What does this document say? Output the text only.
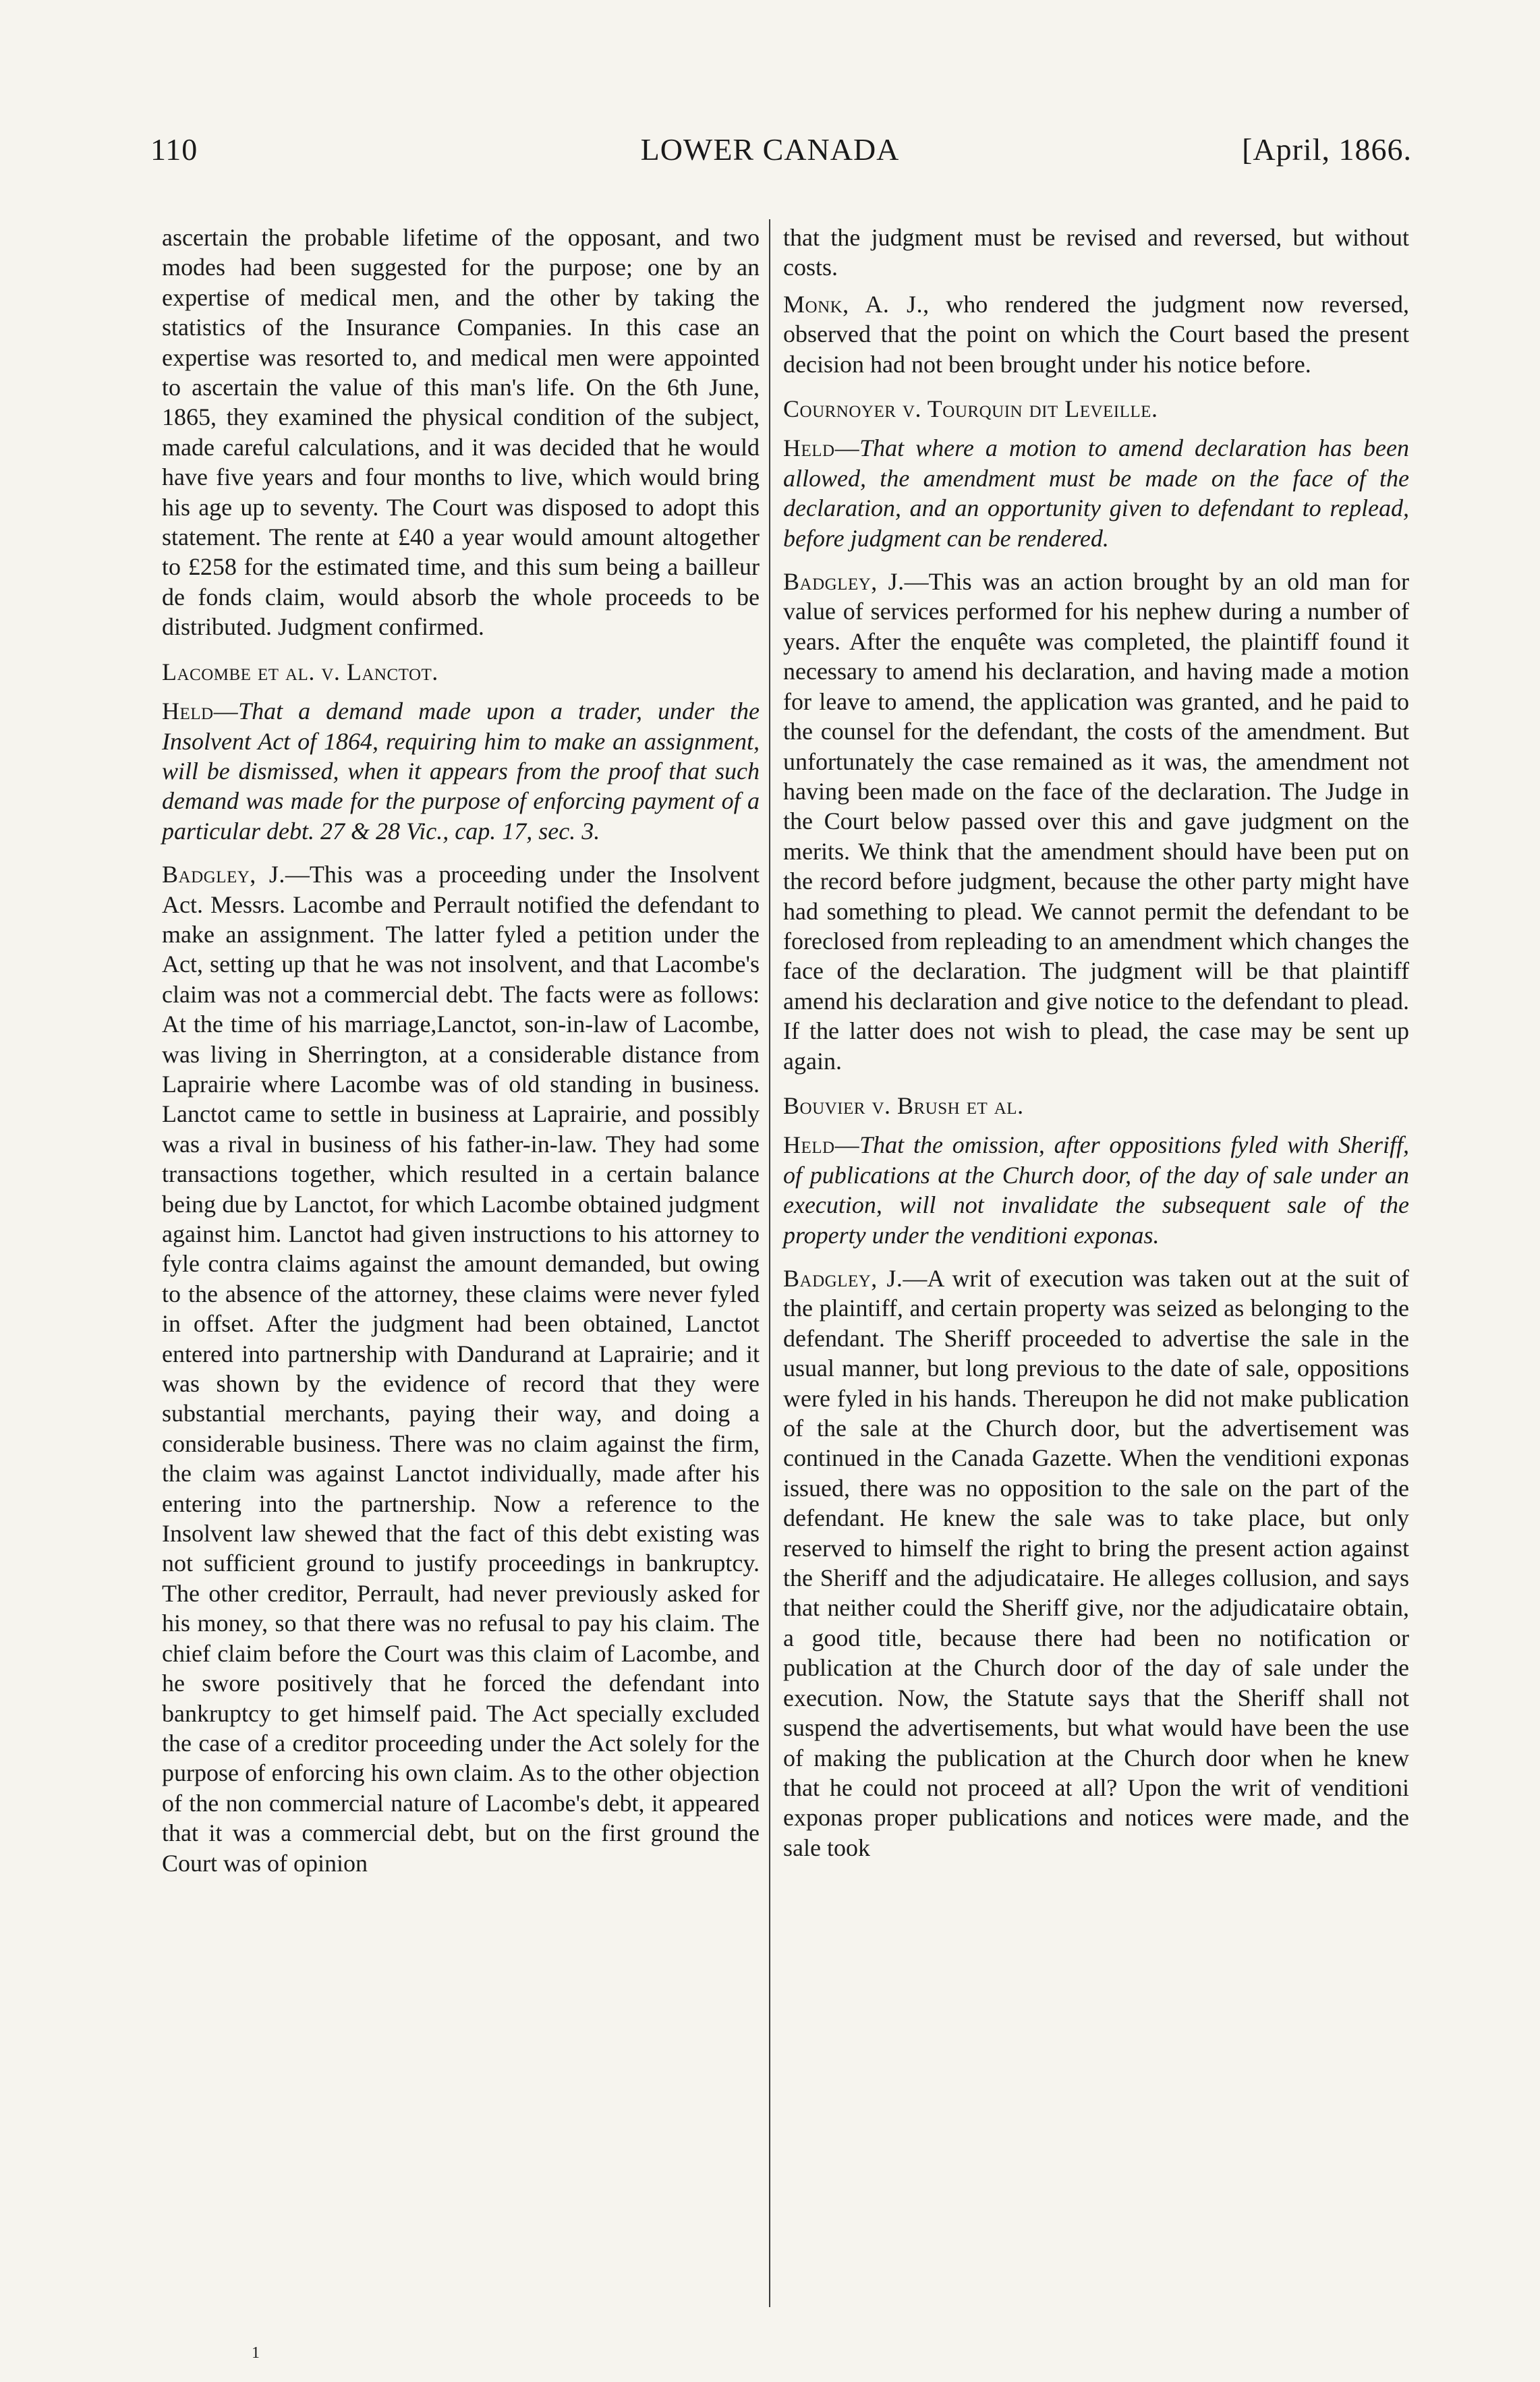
110	LOWER CANADA	[April, 1866.

ascertain the probable lifetime of the opposant, and two modes had been suggested for the purpose; one by an expertise of medical men, and the other by taking the statistics of the Insurance Companies. In this case an expertise was resorted to, and medical men were appointed to ascertain the value of this man's life. On the 6th June, 1865, they examined the physical condition of the subject, made careful calculations, and it was decided that he would have five years and four months to live, which would bring his age up to seventy. The Court was disposed to adopt this statement. The rente at £40 a year would amount altogether to £258 for the estimated time, and this sum being a bailleur de fonds claim, would absorb the whole proceeds to be distributed. Judgment confirmed.

Lacombe et al. v. Lanctot.

Held—That a demand made upon a trader, under the Insolvent Act of 1864, requiring him to make an assignment, will be dismissed, when it appears from the proof that such demand was made for the purpose of enforcing payment of a particular debt. 27 & 28 Vic., cap. 17, sec. 3.

Badgley, J.—This was a proceeding under the Insolvent Act. Messrs. Lacombe and Perrault notified the defendant to make an assignment. The latter fyled a petition under the Act, setting up that he was not insolvent, and that Lacombe's claim was not a commercial debt. The facts were as follows: At the time of his marriage,Lanctot, son-in-law of Lacombe, was living in Sherrington, at a considerable distance from Laprairie where Lacombe was of old standing in business. Lanctot came to settle in business at Laprairie, and possibly was a rival in business of his father-in-law. They had some transactions together, which resulted in a certain balance being due by Lanctot, for which Lacombe obtained judgment against him. Lanctot had given instructions to his attorney to fyle contra claims against the amount demanded, but owing to the absence of the attorney, these claims were never fyled in offset. After the judgment had been obtained, Lanctot entered into partnership with Dandurand at Laprairie; and it was shown by the evidence of record that they were substantial merchants, paying their way, and doing a considerable business. There was no claim against the firm, the claim was against Lanctot individually, made after his entering into the partnership. Now a reference to the Insolvent law shewed that the fact of this debt existing was not sufficient ground to justify proceedings in bankruptcy. The other creditor, Perrault, had never previously asked for his money, so that there was no refusal to pay his claim. The chief claim before the Court was this claim of Lacombe, and he swore positively that he forced the defendant into bankruptcy to get himself paid. The Act specially excluded the case of a creditor proceeding under the Act solely for the purpose of enforcing his own claim. As to the other objection of the non commercial nature of Lacombe's debt, it appeared that it was a commercial debt, but on the first ground the Court was of opinion

that the judgment must be revised and reversed, but without costs.

Monk, A. J., who rendered the judgment now reversed, observed that the point on which the Court based the present decision had not been brought under his notice before.

Cournoyer v. Tourquin dit Leveille.

Held—That where a motion to amend declaration has been allowed, the amendment must be made on the face of the declaration, and an opportunity given to defendant to replead, before judgment can be rendered.

Badgley, J.—This was an action brought by an old man for value of services performed for his nephew during a number of years. After the enquête was completed, the plaintiff found it necessary to amend his declaration, and having made a motion for leave to amend, the application was granted, and he paid to the counsel for the defendant, the costs of the amendment. But unfortunately the case remained as it was, the amendment not having been made on the face of the declaration. The Judge in the Court below passed over this and gave judgment on the merits. We think that the amendment should have been put on the record before judgment, because the other party might have had something to plead. We cannot permit the defendant to be foreclosed from repleading to an amendment which changes the face of the declaration. The judgment will be that plaintiff amend his declaration and give notice to the defendant to plead. If the latter does not wish to plead, the case may be sent up again.

Bouvier v. Brush et al.

Held—That the omission, after oppositions fyled with Sheriff, of publications at the Church door, of the day of sale under an execution, will not invalidate the subsequent sale of the property under the venditioni exponas.

Badgley, J.—A writ of execution was taken out at the suit of the plaintiff, and certain property was seized as belonging to the defendant. The Sheriff proceeded to advertise the sale in the usual manner, but long previous to the date of sale, oppositions were fyled in his hands. Thereupon he did not make publication of the sale at the Church door, but the advertisement was continued in the Canada Gazette. When the venditioni exponas issued, there was no opposition to the sale on the part of the defendant. He knew the sale was to take place, but only reserved to himself the right to bring the present action against the Sheriff and the adjudicataire. He alleges collusion, and says that neither could the Sheriff give, nor the adjudicataire obtain, a good title, because there had been no notification or publication at the Church door of the day of sale under the execution. Now, the Statute says that the Sheriff shall not suspend the advertisements, but what would have been the use of making the publication at the Church door when he knew that he could not proceed at all? Upon the writ of venditioni exponas proper publications and notices were made, and the sale took

1
